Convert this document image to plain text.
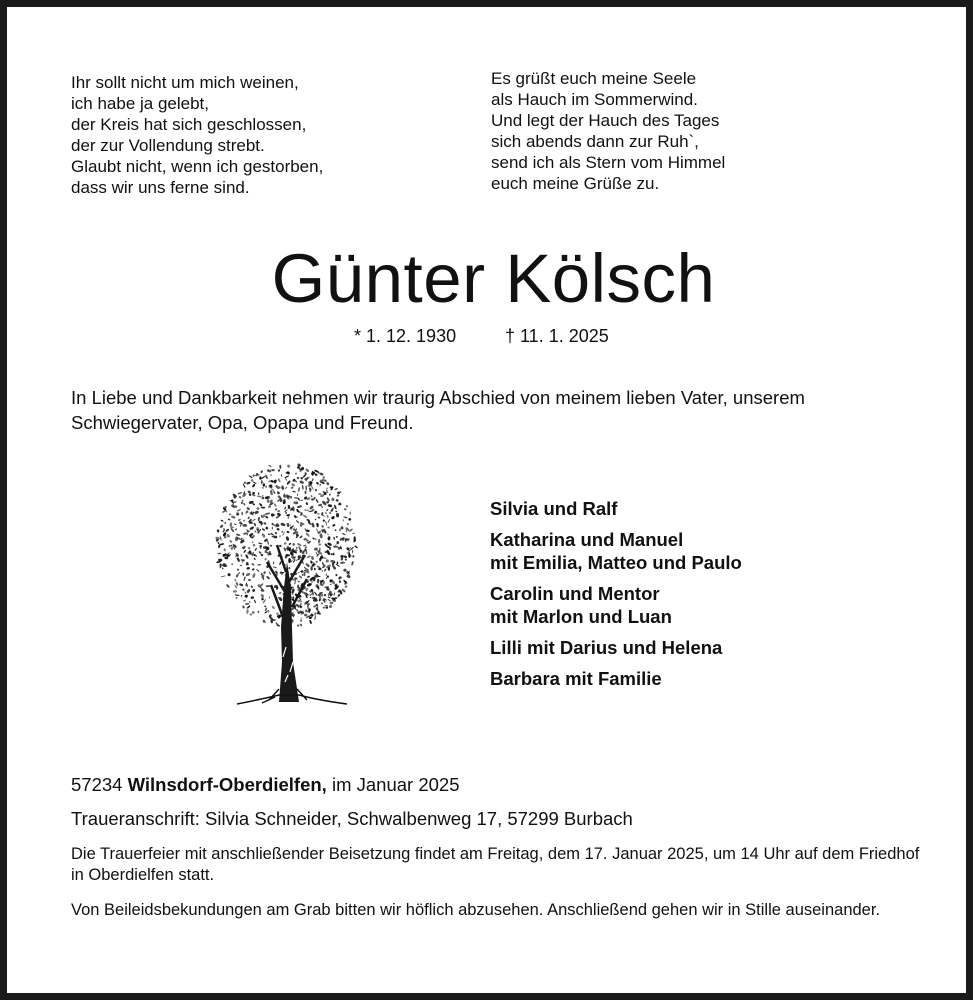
Ihr sollt nicht um mich weinen,
ich habe ja gelebt,
der Kreis hat sich geschlossen,
der zur Vollendung strebt.
Glaubt nicht, wenn ich gestorben,
dass wir uns ferne sind.
Es grüßt euch meine Seele
als Hauch im Sommerwind.
Und legt der Hauch des Tages
sich abends dann zur Ruh`,
send ich als Stern vom Himmel
euch meine Grüße zu.
Günter Kölsch
* 1. 12. 1930	† 11. 1. 2025
In Liebe und Dankbarkeit nehmen wir traurig Abschied von meinem lieben Vater, unserem Schwiegervater, Opa, Opapa und Freund.
Silvia und Ralf
Katharina und Manuel
mit Emilia, Matteo und Paulo
Carolin und Mentor
mit Marlon und Luan
Lilli mit Darius und Helena
Barbara mit Familie
57234 Wilnsdorf-Oberdielfen, im Januar 2025
Traueranschrift: Silvia Schneider, Schwalbenweg 17, 57299 Burbach
Die Trauerfeier mit anschließender Beisetzung findet am Freitag, dem 17. Januar 2025, um 14 Uhr auf dem Friedhof in Oberdielfen statt.
Von Beileidsbekundungen am Grab bitten wir höflich abzusehen. Anschließend gehen wir in Stille auseinander.
